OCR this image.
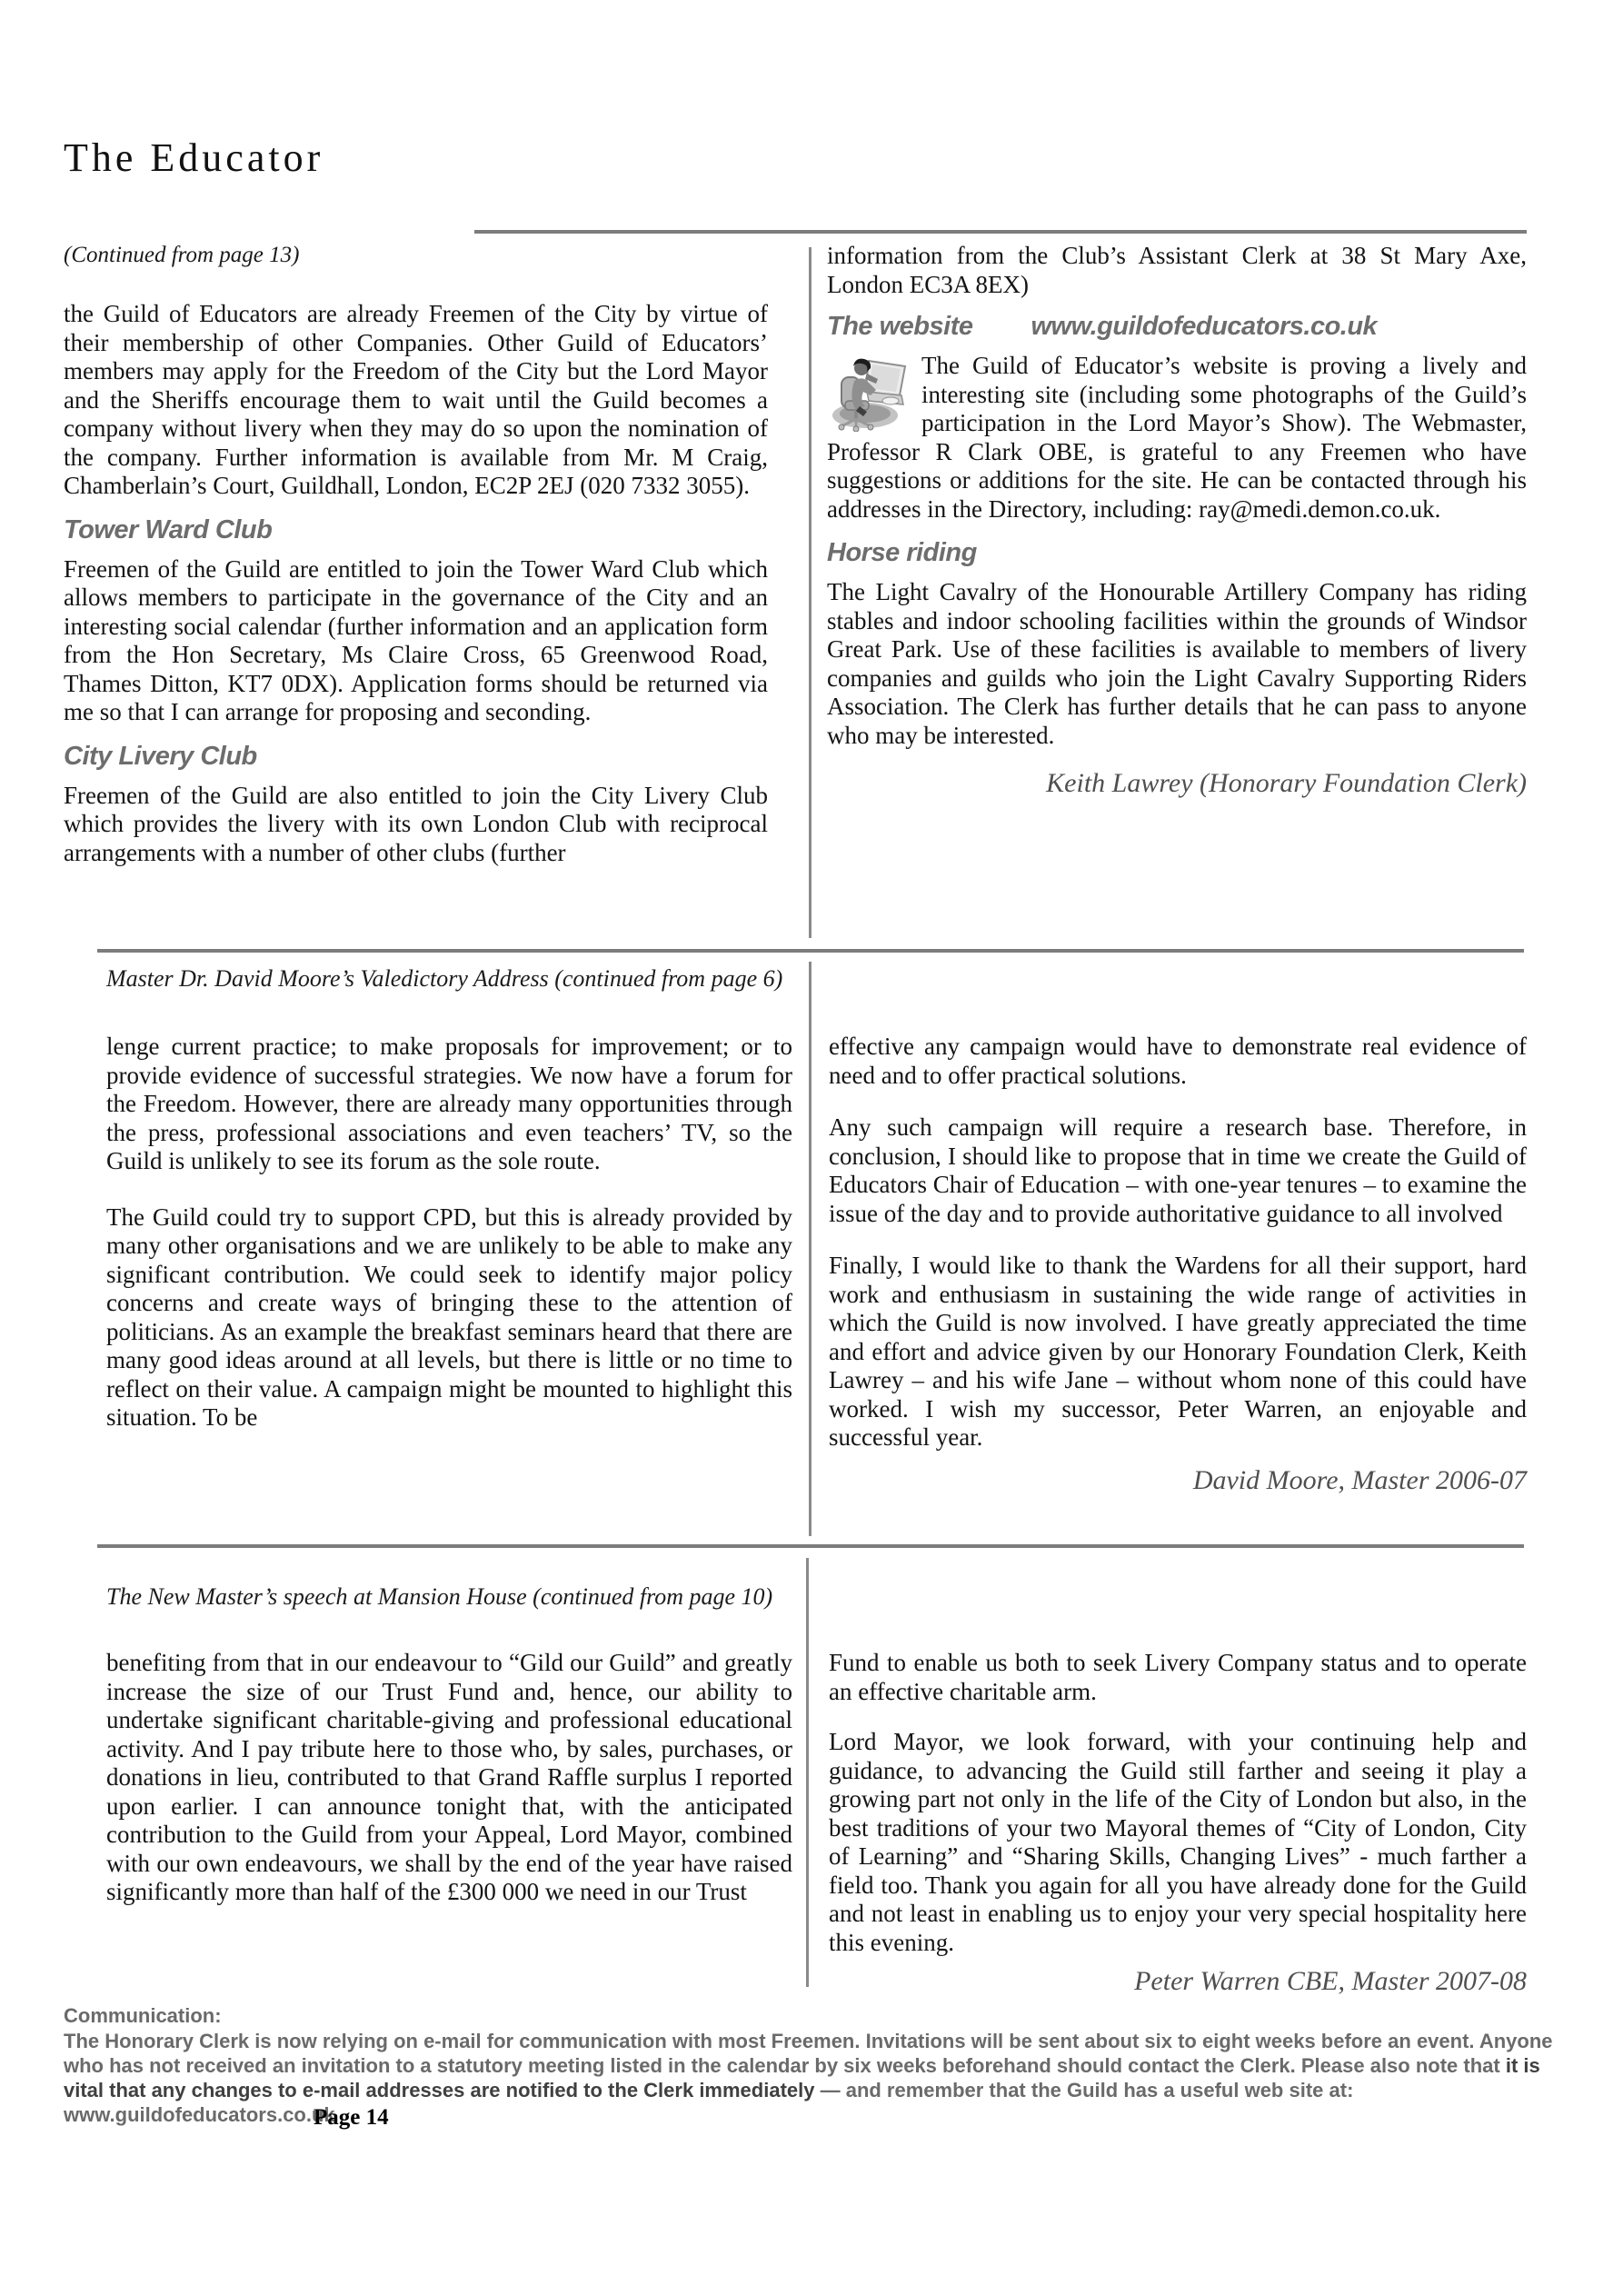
The Educator
(Continued from page 13)

the Guild of Educators are already Freemen of the City by virtue of their membership of other Companies. Other Guild of Educators’ members may apply for the Freedom of the City but the Lord Mayor and the Sheriffs encourage them to wait until the Guild becomes a company without livery when they may do so upon the nomination of the company. Further information is available from Mr. M Craig, Chamberlain’s Court, Guildhall, London, EC2P 2EJ (020 7332 3055).

Tower Ward Club

Freemen of the Guild are entitled to join the Tower Ward Club which allows members to participate in the governance of the City and an interesting social calendar (further information and an application form from the Hon Secretary, Ms Claire Cross, 65 Greenwood Road, Thames Ditton, KT7 0DX). Application forms should be returned via me so that I can arrange for proposing and seconding.

City Livery Club

Freemen of the Guild are also entitled to join the City Livery Club which provides the livery with its own London Club with reciprocal arrangements with a number of other clubs (further

information from the Club’s Assistant Clerk at 38 St Mary Axe, London EC3A 8EX)

The website www.guildofeducators.co.uk

The Guild of Educator’s website is proving a lively and interesting site (including some photographs of the Guild’s participation in the Lord Mayor’s Show). The Webmaster, Professor R Clark OBE, is grateful to any Freemen who have suggestions or additions for the site. He can be contacted through his addresses in the Directory, including: ray@medi.demon.co.uk.

Horse riding

The Light Cavalry of the Honourable Artillery Company has riding stables and indoor schooling facilities within the grounds of Windsor Great Park. Use of these facilities is available to members of livery companies and guilds who join the Light Cavalry Supporting Riders Association. The Clerk has further details that he can pass to anyone who may be interested.

Keith Lawrey (Honorary Foundation Clerk)
Master Dr. David Moore’s Valedictory Address (continued from page 6)

lenge current practice; to make proposals for improvement; or to provide evidence of successful strategies. We now have a forum for the Freedom. However, there are already many opportunities through the press, professional associations and even teachers’ TV, so the Guild is unlikely to see its forum as the sole route.

The Guild could try to support CPD, but this is already provided by many other organisations and we are unlikely to be able to make any significant contribution. We could seek to identify major policy concerns and create ways of bringing these to the attention of politicians. As an example the breakfast seminars heard that there are many good ideas around at all levels, but there is little or no time to reflect on their value. A campaign might be mounted to highlight this situation. To be

effective any campaign would have to demonstrate real evidence of need and to offer practical solutions.

Any such campaign will require a research base. Therefore, in conclusion, I should like to propose that in time we create the Guild of Educators Chair of Education – with one-year tenures – to examine the issue of the day and to provide authoritative guidance to all involved

Finally, I would like to thank the Wardens for all their support, hard work and enthusiasm in sustaining the wide range of activities in which the Guild is now involved. I have greatly appreciated the time and effort and advice given by our Honorary Foundation Clerk, Keith Lawrey – and his wife Jane – without whom none of this could have worked. I wish my successor, Peter Warren, an enjoyable and successful year.

David Moore, Master 2006-07
The New Master’s speech at Mansion House (continued from page 10)

benefiting from that in our endeavour to “Gild our Guild” and greatly increase the size of our Trust Fund and, hence, our ability to undertake significant charitable-giving and professional educational activity. And I pay tribute here to those who, by sales, purchases, or donations in lieu, contributed to that Grand Raffle surplus I reported upon earlier. I can announce tonight that, with the anticipated contribution to the Guild from your Appeal, Lord Mayor, combined with our own endeavours, we shall by the end of the year have raised significantly more than half of the £300 000 we need in our Trust

Fund to enable us both to seek Livery Company status and to operate an effective charitable arm.

Lord Mayor, we look forward, with your continuing help and guidance, to advancing the Guild still farther and seeing it play a growing part not only in the life of the City of London but also, in the best traditions of your two Mayoral themes of “City of London, City of Learning” and “Sharing Skills, Changing Lives” - much farther a field too. Thank you again for all you have already done for the Guild and not least in enabling us to enjoy your very special hospitality here this evening.

Peter Warren CBE, Master 2007-08
Communication:
The Honorary Clerk is now relying on e-mail for communication with most Freemen. Invitations will be sent about six to eight weeks before an event. Anyone who has not received an invitation to a statutory meeting listed in the calendar by six weeks beforehand should contact the Clerk. Please also note that it is vital that any changes to e-mail addresses are notified to the Clerk immediately — and remember that the Guild has a useful web site at:
www.guildofeducators.co.uk
Page 14
